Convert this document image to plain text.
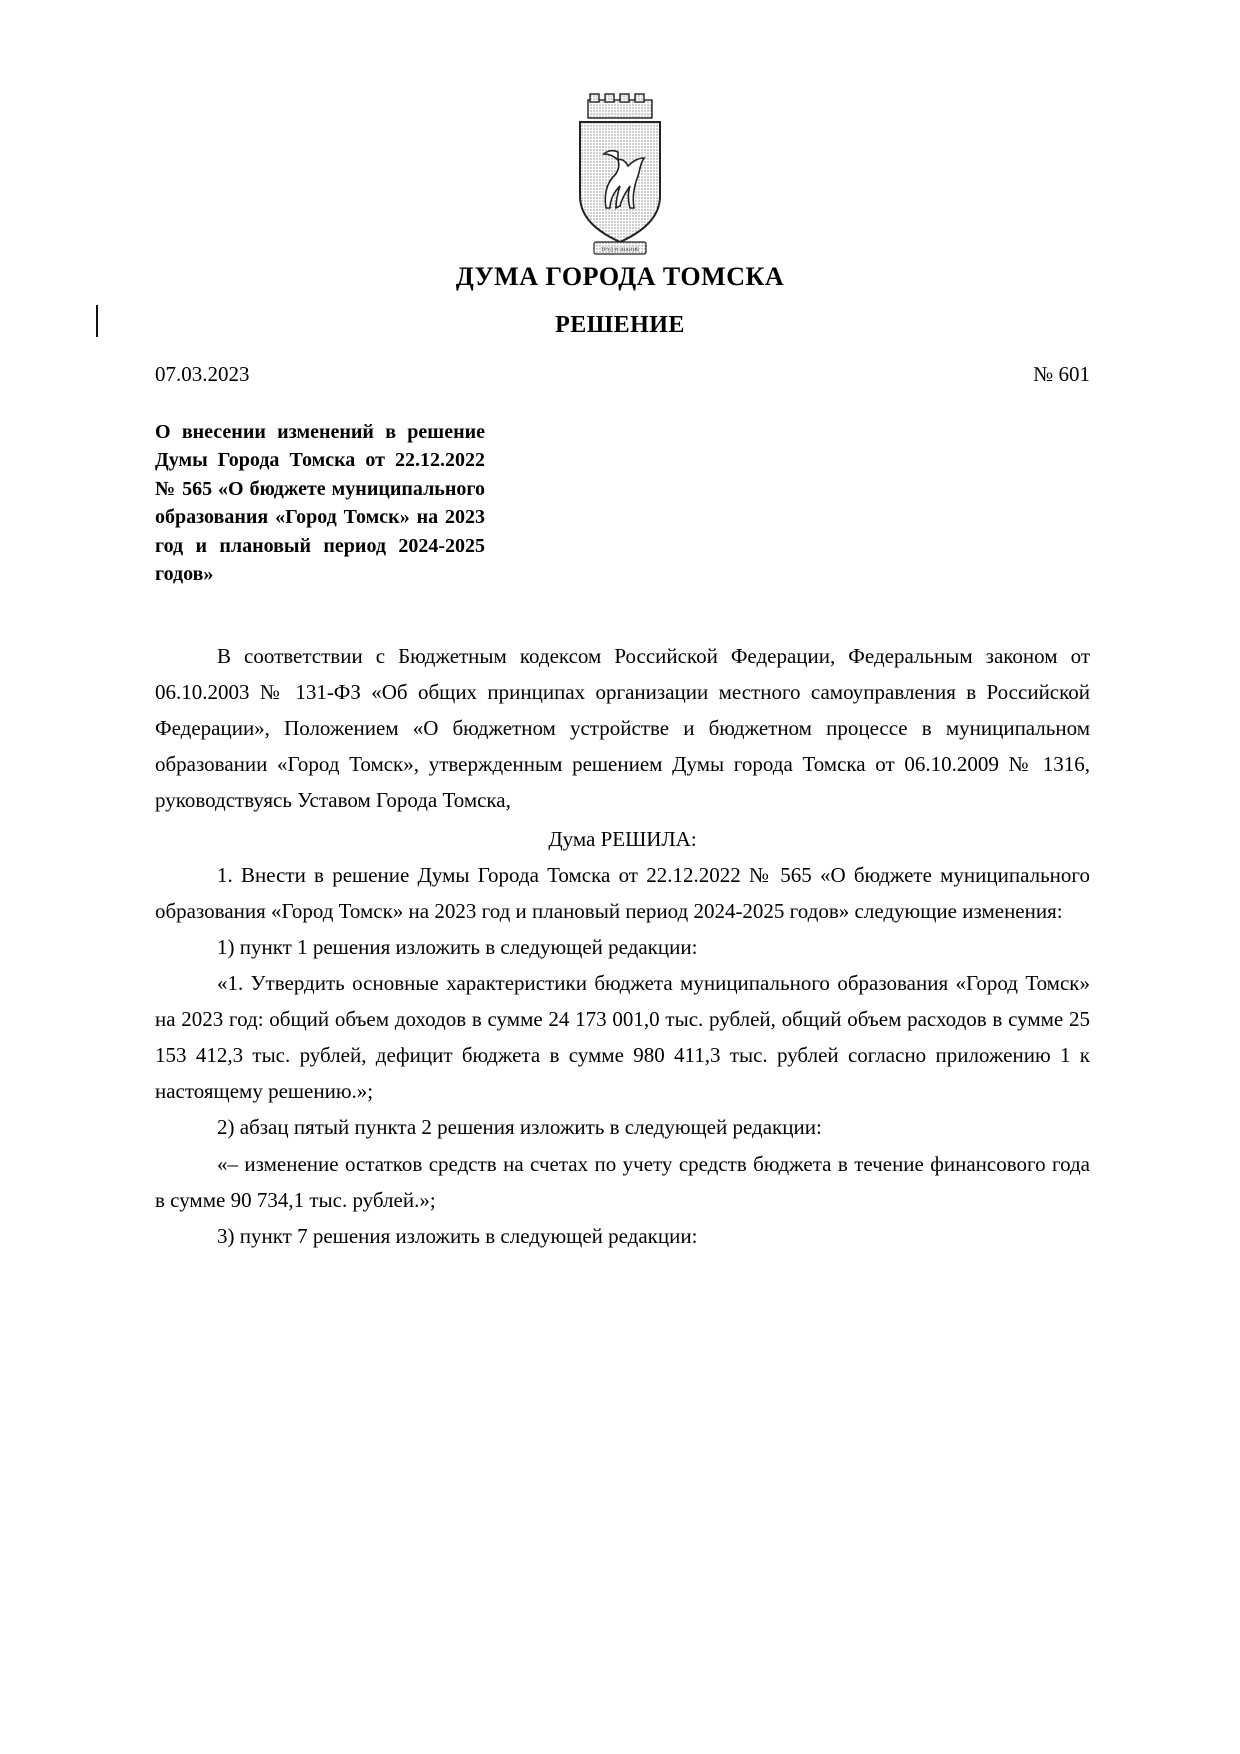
ТРУД И ЗНАНИЕ
ДУМА ГОРОДА ТОМСКА
РЕШЕНИЕ
07.03.2023	№ 601
О внесении изменений в решение Думы Города Томска от 22.12.2022 № 565 «О бюджете муниципального образования «Город Томск» на 2023 год и плановый период 2024-2025 годов»

В соответствии с Бюджетным кодексом Российской Федерации, Федеральным законом от 06.10.2003 № 131-ФЗ «Об общих принципах организации местного самоуправления в Российской Федерации», Положением «О бюджетном устройстве и бюджетном процессе в муниципальном образовании «Город Томск», утвержденным решением Думы города Томска от 06.10.2009 № 1316, руководствуясь Уставом Города Томска,

Дума РЕШИЛА:

1. Внести в решение Думы Города Томска от 22.12.2022 № 565 «О бюджете муниципального образования «Город Томск» на 2023 год и плановый период 2024-2025 годов» следующие изменения:

1) пункт 1 решения изложить в следующей редакции:

«1. Утвердить основные характеристики бюджета муниципального образования «Город Томск» на 2023 год: общий объем доходов в сумме 24 173 001,0 тыс. рублей, общий объем расходов в сумме 25 153 412,3 тыс. рублей, дефицит бюджета в сумме 980 411,3 тыс. рублей согласно приложению 1 к настоящему решению.»;

2) абзац пятый пункта 2 решения изложить в следующей редакции:

«– изменение остатков средств на счетах по учету средств бюджета в течение финансового года в сумме 90 734,1 тыс. рублей.»;

3) пункт 7 решения изложить в следующей редакции:
